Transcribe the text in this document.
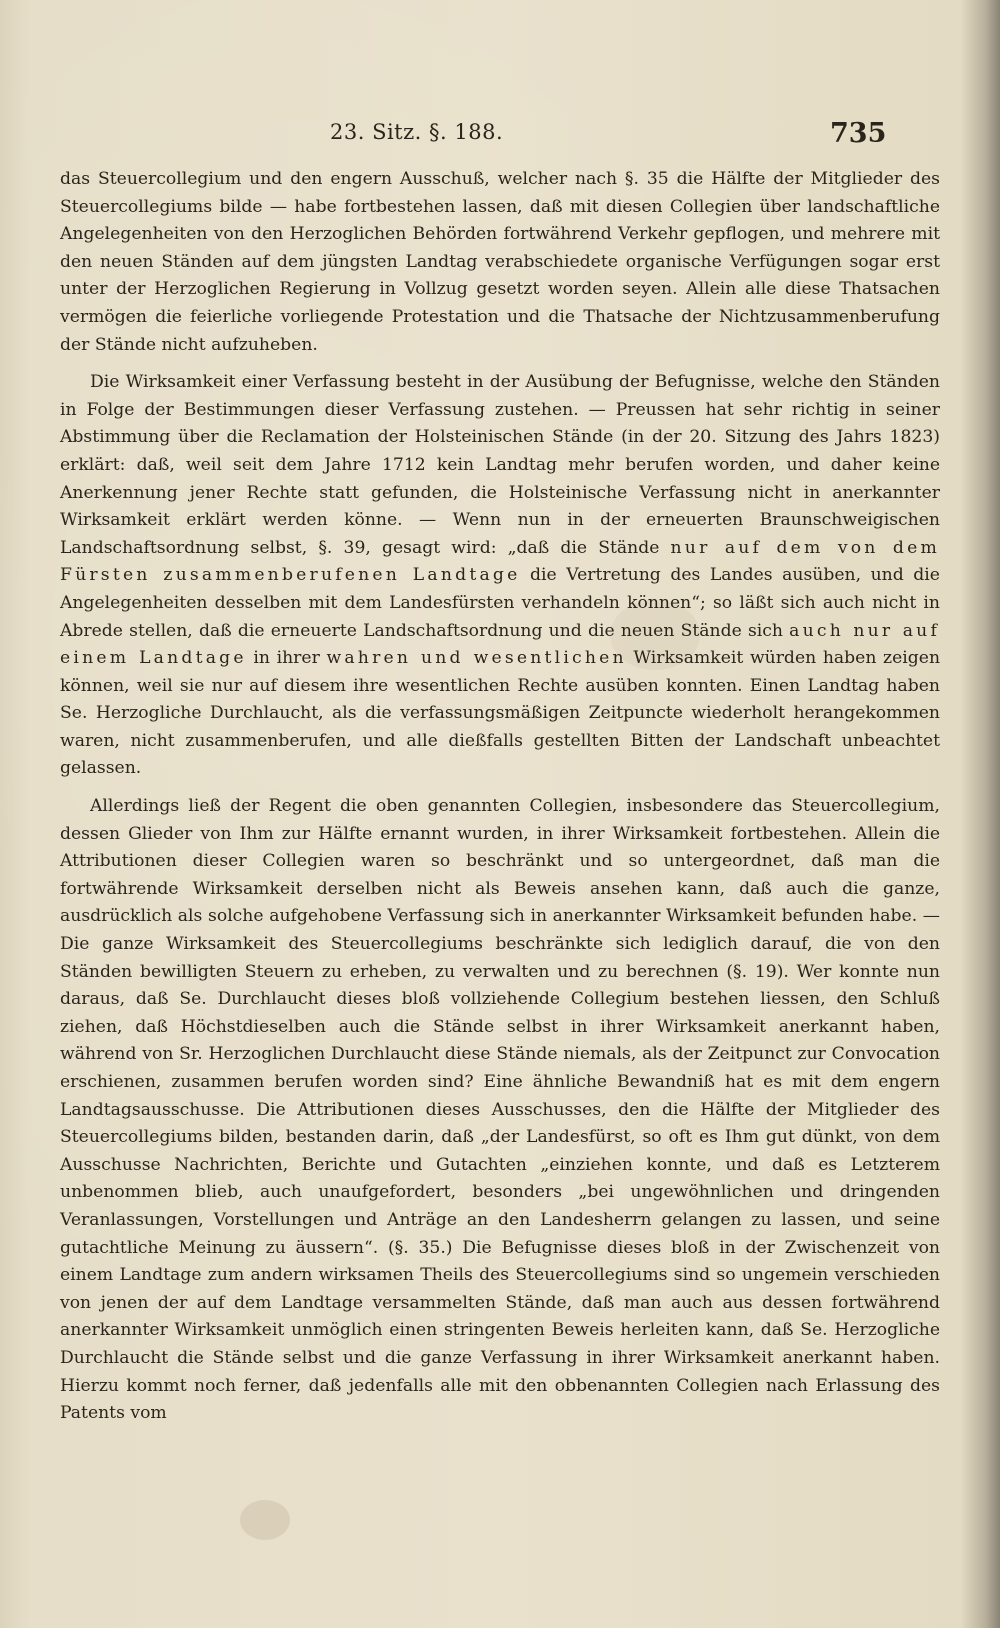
23. Sitz. §. 188.	735

das Steuercollegium und den engern Ausschuß, welcher nach §. 35 die Hälfte der Mitglieder des Steuercollegiums bilde — habe fortbestehen lassen, daß mit diesen Collegien über landschaftliche Angelegenheiten von den Herzoglichen Behörden fortwährend Verkehr gepflogen, und mehrere mit den neuen Ständen auf dem jüngsten Landtag verabschiedete organische Verfügungen sogar erst unter der Herzoglichen Regierung in Vollzug gesetzt worden seyen. Allein alle diese Thatsachen vermögen die feierliche vorliegende Protestation und die Thatsache der Nichtzusammenberufung der Stände nicht aufzuheben.

Die Wirksamkeit einer Verfassung besteht in der Ausübung der Befugnisse, welche den Ständen in Folge der Bestimmungen dieser Verfassung zustehen. — Preussen hat sehr richtig in seiner Abstimmung über die Reclamation der Holsteinischen Stände (in der 20. Sitzung des Jahrs 1823) erklärt: daß, weil seit dem Jahre 1712 kein Landtag mehr berufen worden, und daher keine Anerkennung jener Rechte statt gefunden, die Holsteinische Verfassung nicht in anerkannter Wirksamkeit erklärt werden könne. — Wenn nun in der erneuerten Braunschweigischen Landschaftsordnung selbst, §. 39, gesagt wird: „daß die Stände nur auf dem von dem Fürsten zusammenberufenen Landtage die Vertretung des Landes ausüben, und die Angelegenheiten desselben mit dem Landesfürsten verhandeln können“; so läßt sich auch nicht in Abrede stellen, daß die erneuerte Landschaftsordnung und die neuen Stände sich auch nur auf einem Landtage in ihrer wahren und wesentlichen Wirksamkeit würden haben zeigen können, weil sie nur auf diesem ihre wesentlichen Rechte ausüben konnten. Einen Landtag haben Se. Herzogliche Durchlaucht, als die verfassungsmäßigen Zeitpuncte wiederholt herangekommen waren, nicht zusammenberufen, und alle dießfalls gestellten Bitten der Landschaft unbeachtet gelassen.

Allerdings ließ der Regent die oben genannten Collegien, insbesondere das Steuercollegium, dessen Glieder von Ihm zur Hälfte ernannt wurden, in ihrer Wirksamkeit fortbestehen. Allein die Attributionen dieser Collegien waren so beschränkt und so untergeordnet, daß man die fortwährende Wirksamkeit derselben nicht als Beweis ansehen kann, daß auch die ganze, ausdrücklich als solche aufgehobene Verfassung sich in anerkannter Wirksamkeit befunden habe. — Die ganze Wirksamkeit des Steuercollegiums beschränkte sich lediglich darauf, die von den Ständen bewilligten Steuern zu erheben, zu verwalten und zu berechnen (§. 19). Wer konnte nun daraus, daß Se. Durchlaucht dieses bloß vollziehende Collegium bestehen liessen, den Schluß ziehen, daß Höchstdieselben auch die Stände selbst in ihrer Wirksamkeit anerkannt haben, während von Sr. Herzoglichen Durchlaucht diese Stände niemals, als der Zeitpunct zur Convocation erschienen, zusammen berufen worden sind? Eine ähnliche Bewandniß hat es mit dem engern Landtagsausschusse. Die Attributionen dieses Ausschusses, den die Hälfte der Mitglieder des Steuercollegiums bilden, bestanden darin, daß „der Landesfürst, so oft es Ihm gut dünkt, von dem Ausschusse Nachrichten, Berichte und Gutachten „einziehen konnte, und daß es Letzterem unbenommen blieb, auch unaufgefordert, besonders „bei ungewöhnlichen und dringenden Veranlassungen, Vorstellungen und Anträge an den Landesherrn gelangen zu lassen, und seine gutachtliche Meinung zu äussern“. (§. 35.) Die Befugnisse dieses bloß in der Zwischenzeit von einem Landtage zum andern wirksamen Theils des Steuercollegiums sind so ungemein verschieden von jenen der auf dem Landtage versammelten Stände, daß man auch aus dessen fortwährend anerkannter Wirksamkeit unmöglich einen stringenten Beweis herleiten kann, daß Se. Herzogliche Durchlaucht die Stände selbst und die ganze Verfassung in ihrer Wirksamkeit anerkannt haben. Hierzu kommt noch ferner, daß jedenfalls alle mit den obbenannten Collegien nach Erlassung des Patents vom
